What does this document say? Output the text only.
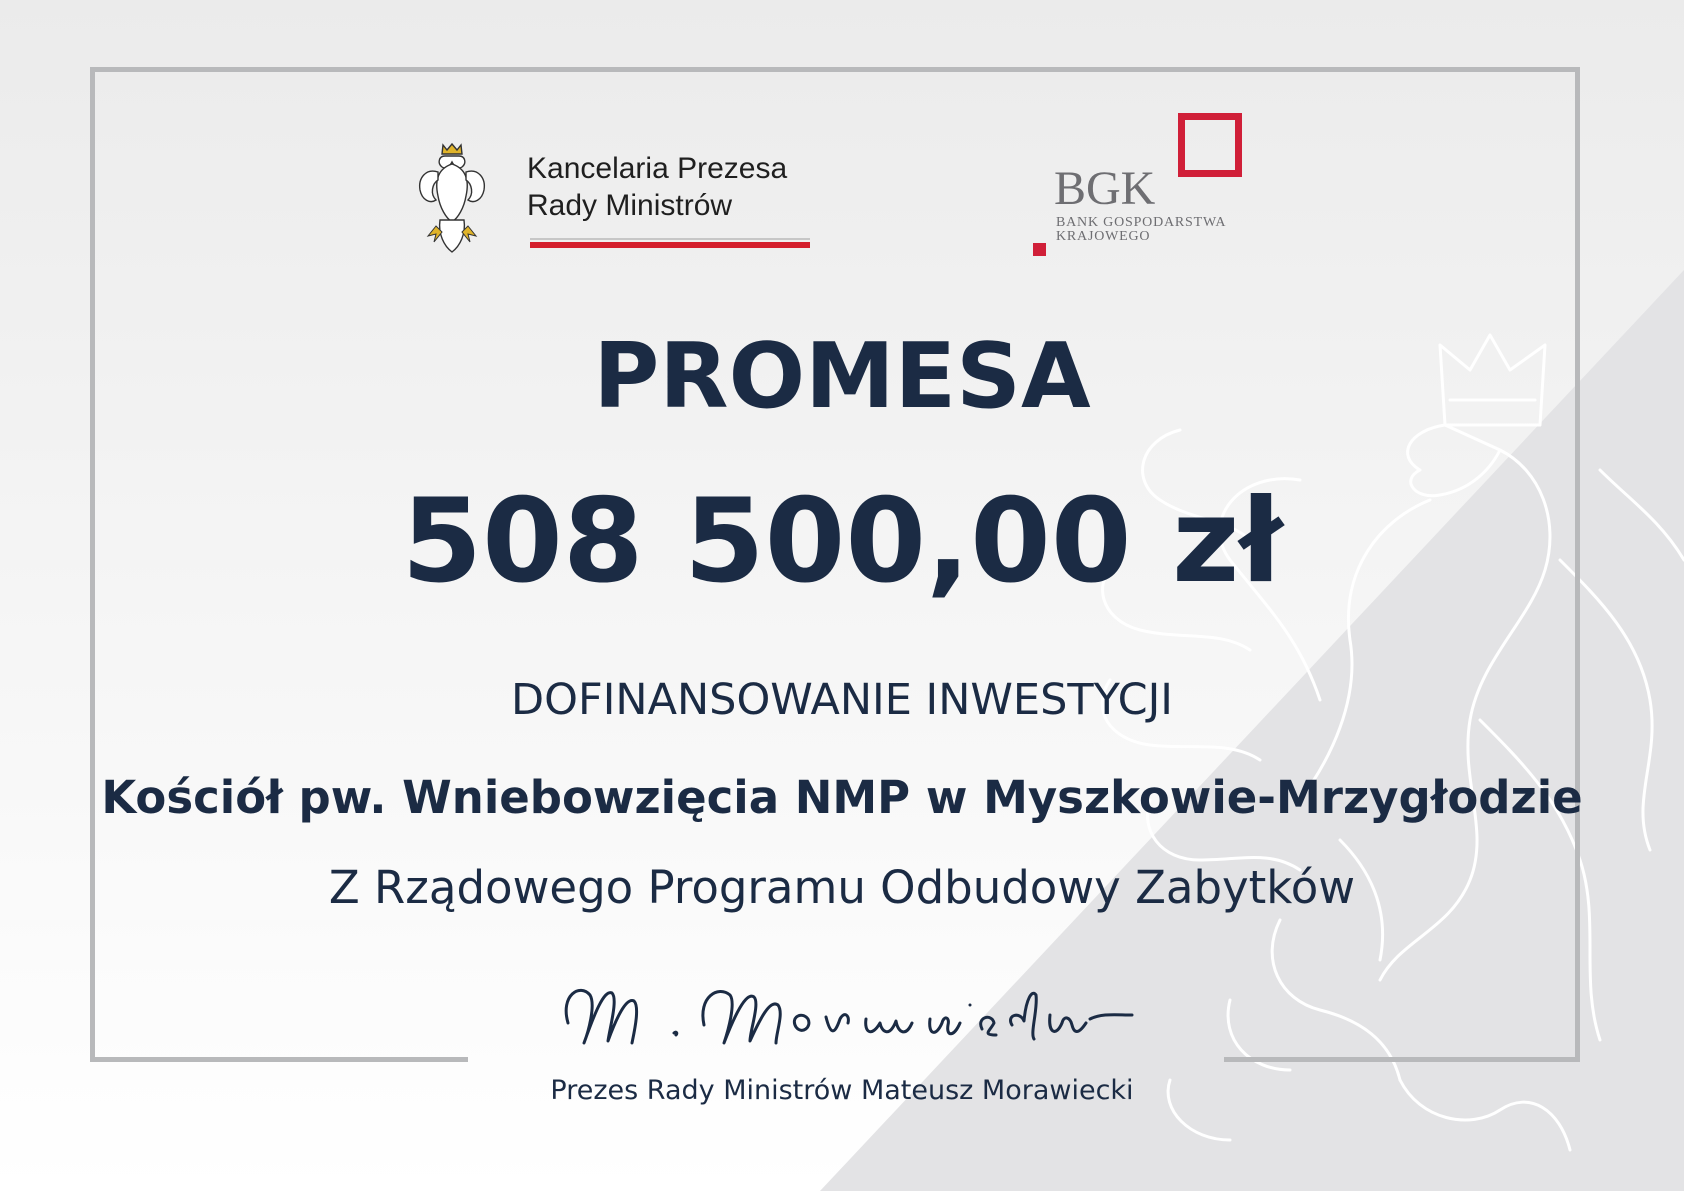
Kancelaria Prezesa
Rady Ministrów	BGK
BANK GOSPODARSTWA
KRAJOWEGO
PROMESA
508 500,00 zł
DOFINANSOWANIE INWESTYCJI
Kościół pw. Wniebowzięcia NMP w Myszkowie-Mrzygłodzie
Z Rządowego Programu Odbudowy Zabytków
Prezes Rady Ministrów Mateusz Morawiecki
